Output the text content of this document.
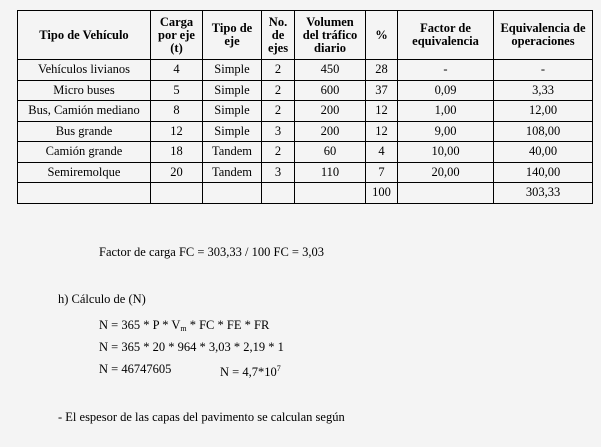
Tipo de Vehículo	Carga por eje (t)	Tipo de eje	No. de ejes	Volumen del tráfico diario	%	Factor de equivalencia	Equivalencia de operaciones
Vehículos livianos	4	Simple	2	450	28	-	-
Micro buses	5	Simple	2	600	37	0,09	3,33
Bus, Camión mediano	8	Simple	2	200	12	1,00	12,00
Bus grande	12	Simple	3	200	12	9,00	108,00
Camión grande	18	Tandem	2	60	4	10,00	40,00
Semiremolque	20	Tandem	3	110	7	20,00	140,00
					100		303,33
Factor de carga FC = 303,33 / 100 FC = 3,03
h) Cálculo de (N)
$N = 365 * P * V_m$ * FC * FE * FR
N = 365 * 20 * 964 * 3,03 * 2,19 * 1
N = 46747605	$N = 4,7*10^7$
- El espesor de las capas del pavimento se calculan según
